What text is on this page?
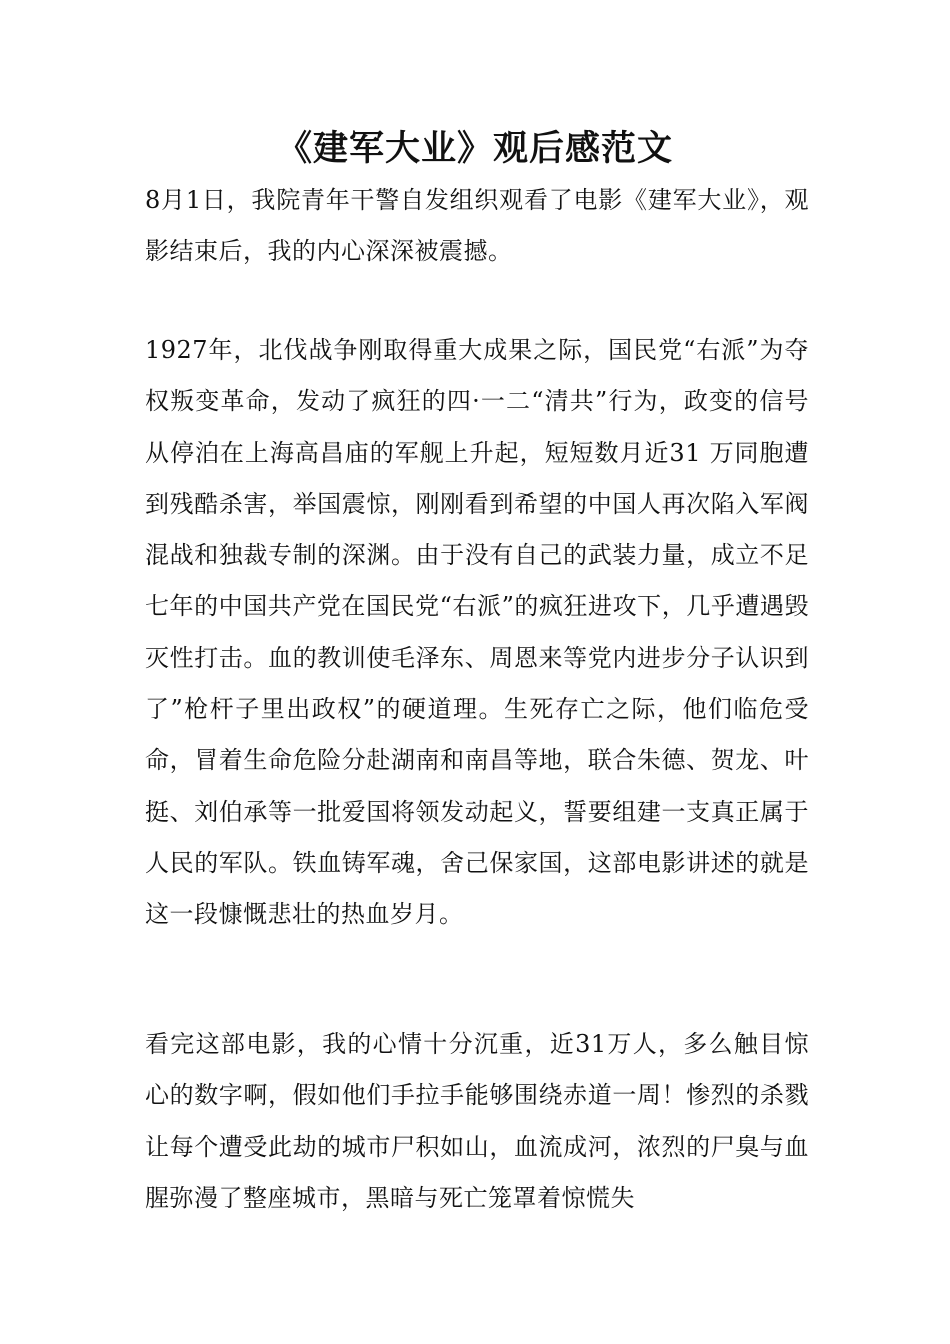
《建军大业》观后感范文

8月1日，我院青年干警自发组织观看了电影《建军大业》，观影结束后，我的内心深深被震撼。

1927年，北伐战争刚取得重大成果之际，国民党“右派”为夺权叛变革命，发动了疯狂的四·一二“清共”行为，政变的信号从停泊在上海高昌庙的军舰上升起，短短数月近31 万同胞遭到残酷杀害，举国震惊，刚刚看到希望的中国人再次陷入军阀混战和独裁专制的深渊。由于没有自己的武装力量，成立不足七年的中国共产党在国民党“右派”的疯狂进攻下，几乎遭遇毁灭性打击。血的教训使毛泽东、周恩来等党内进步分子认识到了”枪杆子里出政权”的硬道理。生死存亡之际，他们临危受命，冒着生命危险分赴湖南和南昌等地，联合朱德、贺龙、叶挺、刘伯承等一批爱国将领发动起义，誓要组建一支真正属于人民的军队。铁血铸军魂，舍己保家国，这部电影讲述的就是这一段慷慨悲壮的热血岁月。

看完这部电影，我的心情十分沉重，近31万人，多么触目惊心的数字啊，假如他们手拉手能够围绕赤道一周！惨烈的杀戮让每个遭受此劫的城市尸积如山，血流成河，浓烈的尸臭与血腥弥漫了整座城市，黑暗与死亡笼罩着惊慌失
